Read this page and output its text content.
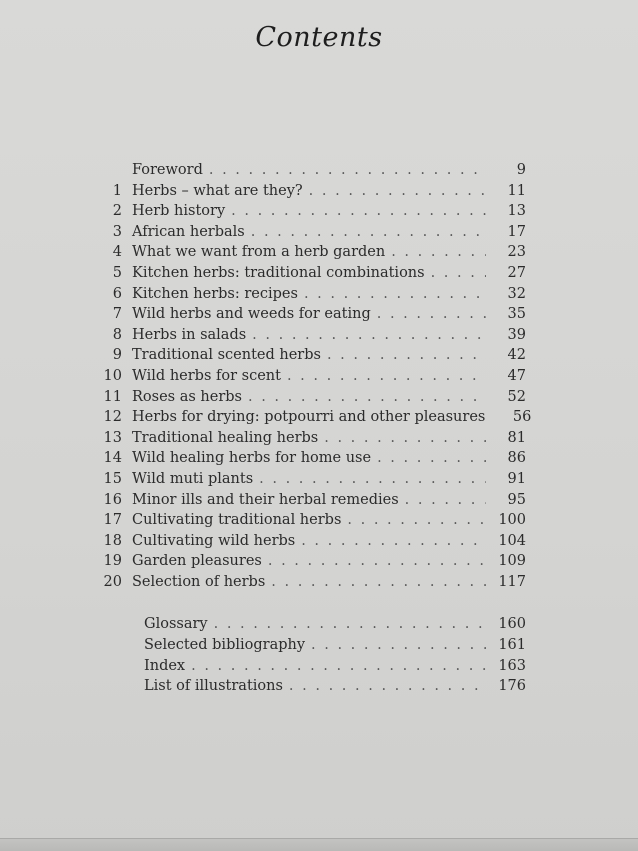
Contents
Foreword . . .	9
1 Herbs – what are they? . . .	11
2 Herb history . . .	13
3 African herbals . . .	17
4 What we want from a herb garden . . .	23
5 Kitchen herbs: traditional combinations . . .	27
6 Kitchen herbs: recipes . . .	32
7 Wild herbs and weeds for eating . . .	35
8 Herbs in salads . . .	39
9 Traditional scented herbs . . .	42
10 Wild herbs for scent . . .	47
11 Roses as herbs . . .	52
12 Herbs for drying: potpourri and other pleasures	56
13 Traditional healing herbs . . .	81
14 Wild healing herbs for home use . . .	86
15 Wild muti plants . . .	91
16 Minor ills and their herbal remedies . . .	95
17 Cultivating traditional herbs . . .	100
18 Cultivating wild herbs . . .	104
19 Garden pleasures . . .	109
20 Selection of herbs . . .	117
Glossary . . .	160
Selected bibliography . . .	161
Index . . .	163
List of illustrations . . .	176
